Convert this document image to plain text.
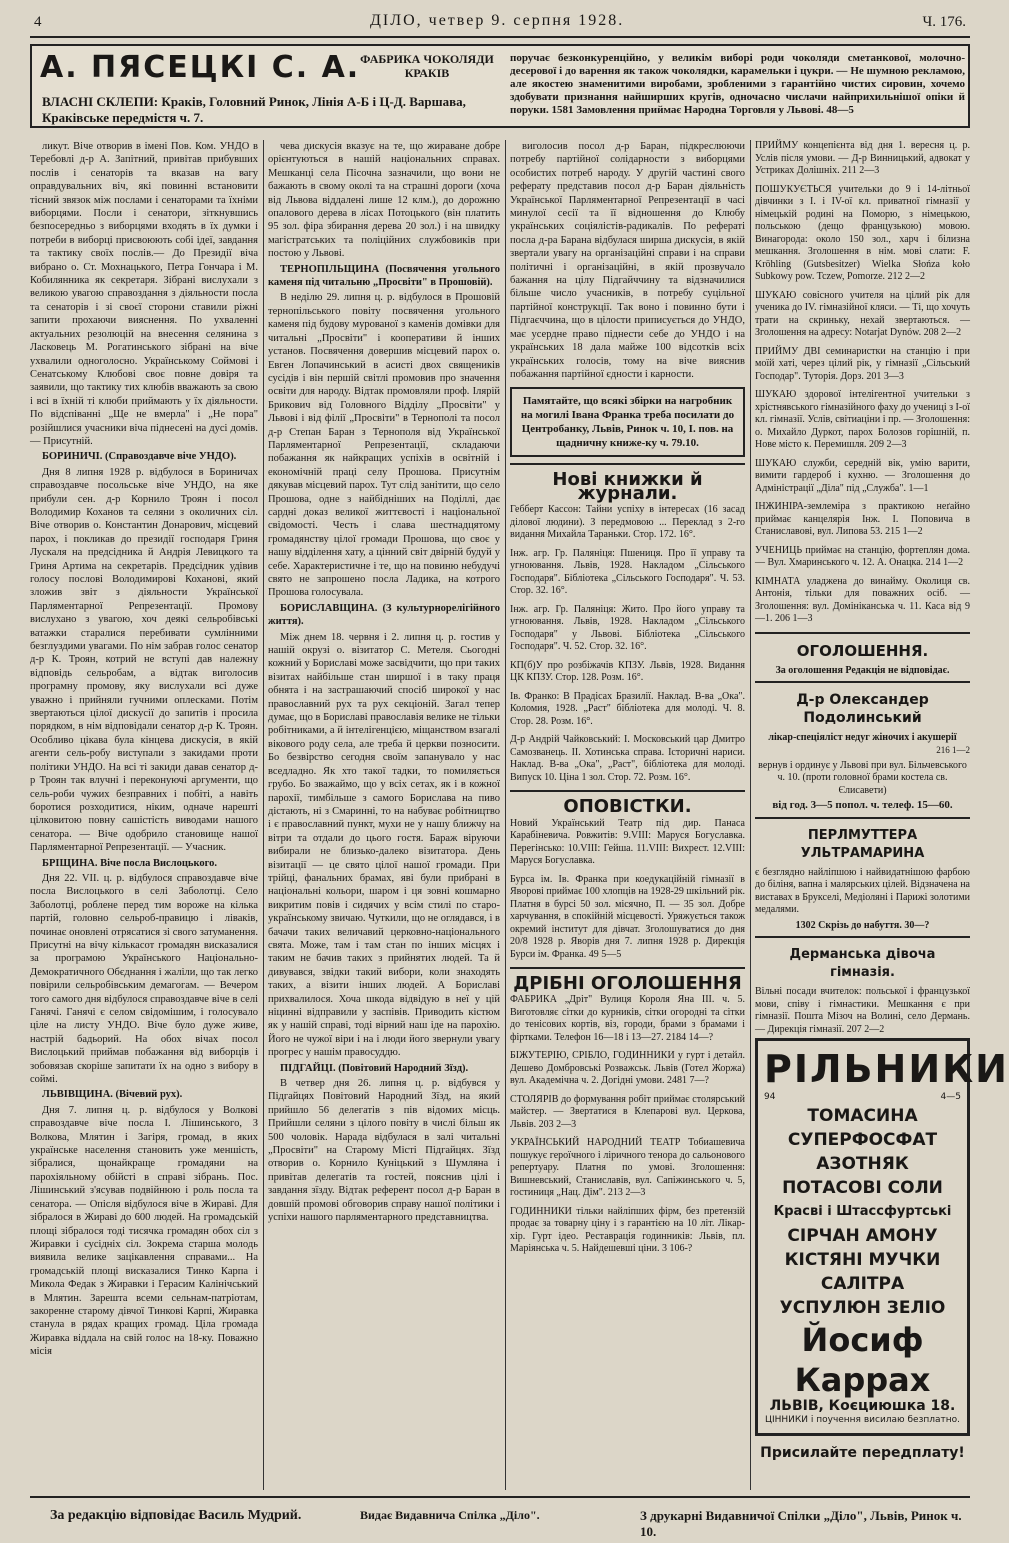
4	ДІЛО, четвер 9. серпня 1928.	Ч. 176.
А. ПЯСЕЦКІ С. А. ФАБРИКА ЧОКОЛЯДИ КРАКІВ
ВЛАСНІ СКЛЕПИ: Краків, Головний Ринок, Лінія А-Б і Ц-Д. Варшава, Краківське передмістя ч. 7.
поручає безконкуренційно, у великім виборі роди чоколяди сметанкової, молочно-десерової і до варення як також чоколядки, карамельки і цукри. — Не шумною рекламою, але якостею знаменитими виробами, зробленими з гарантійно чистих сировин, хочемо здобувати признання найширших кругів, одночасно числачи найприхильнішої опіки й поруки. 1581 Замовлення приймає Народна Торговля у Львові. 48—5

ликут. Віче отворив в імені Пов. Ком. УНДО в Теребовлі д-р А. Запітний, привітав прибувших послів і сенаторів та вказав на вагу оправдувальних віч, які повинні встановити тісний звязок між послами і сенаторами та їхніми виборцями. Посли і сенатори, зіткнувшись безпосередньо з виборцями входять в їх думки і потреби в виборці присвоюють собі ідеї, завдання та тактику своїх послів.— До Президії віча вибрано о. Ст. Мохнацького, Петра Гончара і М. Кобилянника як секретаря. Зібрані вислухали з великою увагою справоздання з діяльности посла та сенаторів і зі своєї сторони ставили ріжні запити прохаючи вияснення. По ухваленні актуальних резолюцій на внесення селянина з Ласковець М. Рогатинського зібрані на віче ухвалили одноголосно. Українському Соймові і Сенатському Клюбові своє повне довіря та заявили, що тактику тих клюбів вважають за свою і всі в їхній ті клюби приймають у їх діяльности. По відспіванні „Ще не вмерла" і „Не пора" розійшлися учасники віча піднесені на дусі домів. — Присутній.

БОРИНИЧІ. (Справоздавче віче УНДО).

Дня 8 липня 1928 р. відбулося в Бориничах справоздавче посольське віче УНДО, на яке прибули сен. д-р Корнило Троян і посол Володимир Коханов та селяни з околичних сіл. Віче отворив о. Константин Донарович, місцевий парох, і покликав до президії господаря Гриня Лускаля на предсідника й Андрія Левицкого та Гриня Артима на секретарів. Предсідник удівив голосу послові Володимирові Коханові, який зложив звіт з діяльности Української Парляментарної Репрезентації. Промову вислухано з увагою, хоч деякі сельробівські ватажки старалися перебивати сумлінними безглуздими увагами. По нім забрав голос сенатор д-р К. Троян, котрий не вступі дав належну відповідь сельробам, а відтак виголосив програмну промову, яку вислухали всі дуже уважно і прийняли гучними оплесками. Потім звертаються цілої дискусії до запитів і просила порядком, в нім відповідали сенатор д-р К. Троян. Особливо цікава була кінцева дискусія, в якій агенти сель-робу виступали з закидами проти політики УНДО. На всі ті закиди давав сенатор д-р Троян так влучні і переконуючі аргументи, що сель-роби чужих безправних і побіті, а навіть боротися розходитися, ніким, одначе нарешті цілковитою повну сашістість виводами нашого сенатора. — Віче одобрило становище нашої Парляментарної Репрезентації. — Учасник.

БРІЩИНА. Віче посла Вислоцького.

Дня 22. VII. ц. р. відбулося справоздавче віче посла Вислоцького в селі Заболотці. Село Заболотці, роблене перед тим вороже на кілька партій, головно сельроб-правицю і ліваків, починає оновлені отрясатися зі свого затуманення. Присутні на вічу кількасот громадян висказалися за програмою Українського Національно-Демократичного Обєднання і жаліли, що так легко повірили сельробівським демагогам. — Вечером того самого дня відбулося справоздавче віче в селі Ганячі. Ганячі є селом свідомішим, і голосувало ціле на листу УНДО. Віче було дуже живе, настрій бадьорий. На обох вічах посол Вислоцький приймав побажання від виборців і зобовязав скоріше запитати їх на одно з вибору в соймі.

ЛЬВІВЩИНА. (Вічевий рух).

Дня 7. липня ц. р. відбулося у Волкові справоздавче віче посла І. Лішинського, З Волкова, Млятин і Загіря, громад, в яких українське населення становить уже меншість, зібралися, щонайкраще громадяни на парохіяльному обійсті в справі зібрань. Пос. Лішинський з'ясував подвійнюю і роль посла та сенатора. — Опісля відбулося віче в Жираві. Для зібралося в Жираві до 600 людей. На громадській площі зібралося тоді тисячка громадян обох сіл з Жиравки і сусідніх сіл. Зокрема старша молодь виявила велике зацікавлення справами... На громадській площі висказалися Тинко Карпа і Микола Федак з Жиравки і Герасим Калінічський в Млятин. Зарешта всеми сельнам-патріотам, закоренне старому дівчої Тинкові Карпі, Жиравка станула в рядах кращих громад. Ціла громада Жиравка віддала на свій голос на 18-ку. Поважно місія

чева дискусія вказує на те, що жираване добре орієнтуються в нашій національних справах. Мешканці села Пісочна зазначили, що вони не бажають в свому околі та на страшні дороги (хоча від Львова віддалені лише 12 клм.), до дорожню опалового дерева в лісах Потоцького (він платить 95 зол. фіра збирання дерева 20 зол.) і на швидку магістратських та поліційних службовиків при постою у Львові.

ТЕРНОПІЛЬЩИНА (Посвячення угольного каменя під читальню „Просвіти" в Прошовій).

В неділю 29. липня ц. р. відбулося в Прошовій тернопільського повіту посвячення угольного каменя під будову мурованої з каменів домівки для читальні „Просвіти" і кооперативи й інших установ. Посвячення довершив місцевий парох о. Евген Лопачинський в асисті двох священиків сусідів і він першій світлі промовив про значення освіти для народу. Відтак промовляли проф. Ілярій Брикович від Головного Відділу „Просвіти" у Львові і від філії „Просвіти" в Тернополі та посол д-р Степан Баран з Тернополя від Української Парляментарної Репрезентації, складаючи побажання як найкращих успіхів в освітній і економічній праці селу Прошова. Присутнім дякував місцевий парох. Тут слід занітити, що село Прошова, одне з найбідніших на Поділлі, дає сардні доказ великої життєвості і національної свідомості. Честь і слава шестнадцятому громадянству цілої громади Прошова, що своє у нашу відділення хату, а цінний світ двірній будуй у себе. Характеристичне і те, що на повиню небудучі свято не запрошено посла Ладика, на котрого Прошова голосувала.

БОРИСЛАВЩИНА. (З культурнорелігійного життя).

Між днем 18. червня і 2. липня ц. р. гостив у нашій окрузі о. візитатор С. Метеля. Сьогодні кожний у Бориславі може засвідчити, що при таких візитах найбільше стан ширшої і в таку праця обнята і на застрашаючий спосіб широкої у нас православний рух та рух секціоній. Загал тепер думає, що в Бориславі православія велике не тільки робітниками, а й інтелігенцією, міщанством взагалі вікового роду села, але треба й церкви позносити. Бо безвірство сегодня своїм запанувало у нас вседладно. Як хто такої тадки, то помиляється грубо. Бо зважаймо, що у всіх сетах, як і в кожної парохії, тимбільше з самого Борислава на пиво дістають, ні з Смаринні, то на набуває робітництво і є православний пункт, мухи не у нашу ближчу на вітри та отдали до цього гостя. Бараж віруючи вибирали не близько-далеко візитатора. День візитації — це свято цілої нашої громади. При трійці, фанальних брамах, яві були прибрані в національні кольори, шаром і ця зовні кошмарно викритим повів і сидячих у всім стилі по старо-українському звичаю. Чуткили, що не оглядався, і в бачачи таких величавий церковно-національного свята. Може, там і там стан по інших місцях і таким не бачив таких з прийнятих людей. Та й дивувався, звідки такий вибори, коли знаходять таких, а візити інших людей. А Бориславі прихвалилося. Хоча шкода відвідую в неї у цій ніцинні відправили у заспівів. Приводить кістюм як у нашій справі, тоді вірний наш іде на парохію. Його не чужої віри і на і люди його звернули увагу прогрес у нашім правосуддю.

ПІДГАЙЦІ. (Повітовий Народний Зїзд).

В четвер дня 26. липня ц. р. відбувся у Підгайцях Повітовий Народний Зїзд, на який прийшло 56 делегатів з пів відомих місць. Прийшли селяни з цілого повіту в числі більш як 500 чоловік. Нарада відбулася в залі читальні „Просвіти" на Старому Місті Підгайцях. Зїзд отворив о. Корнило Куніцький з Шумляна і привітав делегатів та гостей, пояснив цілі і завдання зїзду. Відтак референт посол д-р Баран в довшій промові обговорив справу нашої політики і успіхи нашого парляментарного представництва.

виголосив посол д-р Баран, підкреслюючи потребу партійної солідарности з виборцями особистих потреб народу. У другій частині свого реферату представив посол д-р Баран діяльність Української Парляментарної Репрезентації в часі минулої сесії та її відношення до Клюбу українських соціялістів-радикалів. По рефераті посла д-ра Барана відбулася ширша дискусія, в якій звертали увагу на організаційні справи і на справи політичні і організаційні, в якій прозвучало бажання на цілу Підгайччину та відзначилися більше число учасників, в потребу суцільної партійної конструкції. Так воно і повинно бути і Підгаєччина, що в цілости приписується до УНДО, має усердне право піднести себе до УНДО і на українських 18 дала майже 100 відсотків всіх українських голосів, тому на віче вияснив побажання партійної єдности і карности.

Памятайте, що всякі збірки на нагробник на могилі Івана Франка треба посилати до Центробанку, Львів, Ринок ч. 10, І. пов. на щадничну книже-ку ч. 79.10.
Нові книжки й журнали.
Гебберт Кассон: Тайни успіху в інтересах (16 засад ділової людини). З передмовою ... Переклад з 2-го видання Михайла Тараньки. Стор. 172. 16°.
Інж. агр. Гр. Паляніця: Пшениця. Про її управу та угноювання. Львів, 1928. Накладом „Сільського Господаря". Бібліотека „Сільського Господаря". Ч. 53. Стор. 32. 16°.
Інж. агр. Гр. Паляніця: Жито. Про його управу та угноювання. Львів, 1928. Накладом „Сільського Господаря" у Львові. Бібліотека „Сільського Господаря". Ч. 52. Стор. 32. 16°.
КП(б)У про розбіжачів КПЗУ. Львів, 1928. Видання ЦК КПЗУ. Стор. 128. Розм. 16°.
Ів. Франко: В Прадісах Бразилії. Наклад. В-ва „Ока". Коломия, 1928. „Раст" бібліотека для молоді. Ч. 8. Стор. 28. Розм. 16°.
Д-р Андрій Чайковський: І. Московський цар Дмитро Самозванець. II. Хотинська справа. Історичні нариси. Наклад. В-ва „Ока", „Раст", бібліотека для молоді. Випуск 10. Ціна 1 зол. Стор. 72. Розм. 16°.
ОПОВІСТКИ.
Новий Український Театр під дир. Панаса Карабіневича. Ровжитів: 9.VIII: Маруся Богуславка. Перегінсько: 10.VIII: Гейша. 11.VIII: Вихрест. 12.VIII: Маруся Богуславка.
Бурса ім. Ів. Франка при коедукаційній гімназії в Яворові приймає 100 хлопців на 1928-29 шкільний рік. Платня в бурсі 50 зол. місячно, П. — 35 зол. Добре харчування, в спокійній місцевості. Уряжується також окремий інститут для дівчат. Зголошуватися до дня 20/8 1928 р. Яворів дня 7. липня 1928 р. Дирекція Бурси ім. Франка. 49 5—5
ДРІБНІ ОГОЛОШЕННЯ
ФАБРИКА „Дріт" Вулиця Короля Яна III. ч. 5. Виготовляє сітки до курників, сітки огородні та сітки до тенісових кортів, віз, городи, брами з брамами і фіртками. Телефон 16—18 і 13—27. 2184 14—?
БІЖУТЕРІЮ, СРІБЛО, ГОДИННИКИ у гурт і детайл. Дешево Домбровські Розважськ. Львів (Готел Жоржа) вул. Академічна ч. 2. Догідні умови. 2481 7—?
СТОЛЯРІВ до формування робіт приймає столярський майстер. — Звертатися в Клепарові вул. Церкова, Львів. 203 2—3
УКРАЇНСЬКИЙ НАРОДНИЙ ТЕАТР Тобиашевича пошукує героїчного і ліричного тенора до сальонового репертуару. Платня по умові. Зголошення: Вишневський, Станиславів, вул. Сапіжинського ч. 5, гостиниця „Нац. Дім". 213 2—3
ГОДИННИКИ тільки найліпших фірм, без претензій продає за товарну ціну і з гарантією на 10 літ. Лікар-хір. Гурт ідео. Реставрація годинників: Львів, пл. Маріянська ч. 5. Найдешевші ціни. 3 106-?
ПРИЙМУ концепієнта від дня 1. вересня ц. р. Услів після умови. — Д-р Винницький, адвокат у Устриках Долішніх. 211 2—3
ПОШУКУЄТЬСЯ учительки до 9 і 14-літньої дівчинки з I. і IV-ої кл. приватної гімназії у німецькій родині на Поморю, з німецькою, польською (дещо французькою) мовою. Винагорода: около 150 зол., харч і білизна мешкання. Зголошення в нім. мові слати: F. Kröhling (Gutsbesitzer) Wielka Słońza koło Subkowy pow. Tczew, Pomorze. 212 2—2
ШУКАЮ совісного учителя на цілий рік для ученика до IV. гімназійної кляси. — Ті, що хочуть трати на скриньку, нехай звертаються. — Зголошення на адресу: Notarjat Dynów. 208 2—2
ПРИЙМУ ДВІ семинаристки на станцію і при моїй хаті, через цілий рік, у гімназії „Сільський Господар". Туторія. Дорз. 201 3—3
ШУКАЮ здорової інтелігентної учительки з хрістнявського гімназійного фаху до учениці з I-ої кл. гімназії. Услів, світиаціни і пр. — Зголошення: о. Михайло Дуркот, парох Болозов горішній, п. Нове місто к. Перемишля. 209 2—3
ШУКАЮ служби, середній вік, умію варити, вимити гардероб і кухню. — Зголошення до Адміністрації „Діла" під „Служба". 1—1
ІНЖИНІРА-землеміра з практикою неґайно приймає канцелярія Інж. І. Поповича в Станиславові, вул. Липова 53. 215 1—2
УЧЕНИЦЬ приймає на станцію, фортеплян дома. — Вул. Хмаринського ч. 12. А. Онацка. 214 1—2
КІМНАТА уладжена до винайму. Околиця св. Антонія, тільки для поважних осіб. — Зголошення: вул. Домініканська ч. 11. Каса від 9—1. 206 1—3
ОГОЛОШЕННЯ.
За оголошення Редакція не відповідає.
Д-р Олександер Подолинський
лікар-спеціяліст недуг жіночих і акушерії
216 1—2
вернув і ординує у Львові при вул. Більчевського ч. 10. (проти головної брами костела св. Єлисавети)
від год. 3—5 попол. ч. телеф. 15—60.
ПЕРЛМУТТЕРА УЛЬТРАМАРИНА
є безглядно найліпшою і найвидатнішою фарбою до біліня, вапна і малярських цілей. Відзначена на виставах в Брукселі, Медіоляні і Парижі золотими медалями.
1302 Скрізь до набуття. 30—?
Дерманська дівоча гімназія.
Вільні посади вчителок: польської і французької мови, співу і гімнастики. Мешкання є при гімназії. Пошта Мізоч на Волині, село Дермань. — Дирекція гімназії. 207 2—2
РІЛЬНИКИ
94	4—5
ТОМАСИНА
СУПЕРФОСФАТ
АЗОТНЯК
ПОТАСОВІ СОЛИ
Красві і Штассфуртські
СІРЧАН АМОНУ
КІСТЯНІ МУЧКИ
САЛІТРА
УСПУЛЮН ЗЕЛІО
Йосиф Каррах
ЛЬВІВ, Коєциюшка 18.
ЦІННИКИ і поучення висилаю безплатно.
Присилайте передплату!
За редакцію відповідає Василь Мудрий.	Видає Видавнича Спілка „Діло".	З друкарні Видавничої Спілки „Діло", Львів, Ринок ч. 10.
